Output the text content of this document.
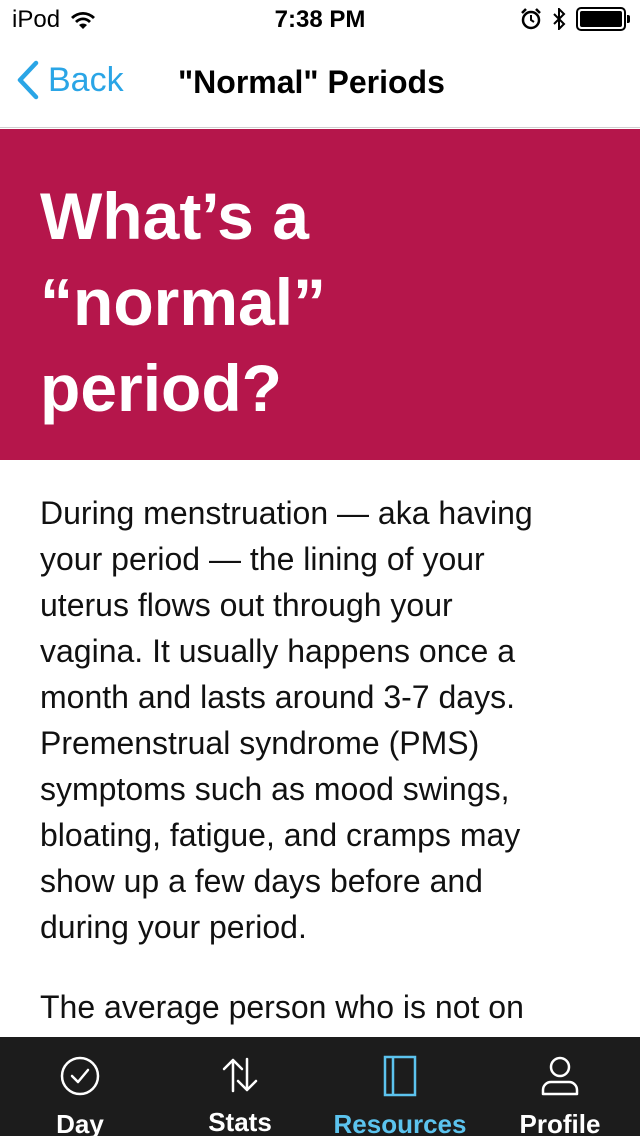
iPod	7:38 PM
Back "Normal" Periods
What’s a
“normal”
period?

During menstruation — aka having
your period — the lining of your
uterus flows out through your
vagina. It usually happens once a
month and lasts around 3-7 days.
Premenstrual syndrome (PMS)
symptoms such as mood swings,
bloating, fatigue, and cramps may
show up a few days before and
during your period.

The average person who is not on

Day	Stats Resources Profile
